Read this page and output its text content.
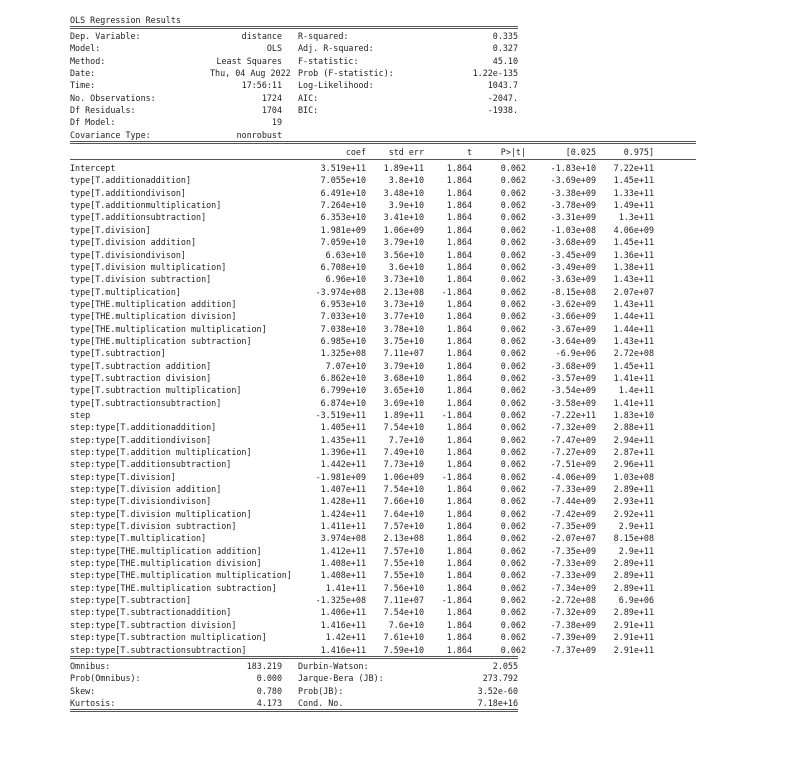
OLS Regression Results
Dep. Variable:	distance R-squared:	0.335
Model:	OLS Adj. R-squared:	0.327
Method:	Least Squares F-statistic:	45.10
Date:	Thu, 04 Aug 2022 Prob (F-statistic):	1.22e-135
Time:	17:56:11 Log-Likelihood:	1043.7
No. Observations:	1724 AIC:	-2047.
Df Residuals:	1704 BIC:	-1938.
Df Model:	19
Covariance Type:	nonrobust
coef	std err	t	P>|t|	[0.025	0.975]
Intercept	3.519e+11	1.89e+11	1.864	0.062	-1.83e+10	7.22e+11
type[T.additionaddition]	7.055e+10	3.8e+10	1.864	0.062	-3.69e+09	1.45e+11
type[T.additiondivison]	6.491e+10	3.48e+10	1.864	0.062	-3.38e+09	1.33e+11
type[T.additionmultiplication]	7.264e+10	3.9e+10	1.864	0.062	-3.78e+09	1.49e+11
type[T.additionsubtraction]	6.353e+10	3.41e+10	1.864	0.062	-3.31e+09	1.3e+11
type[T.division]	1.981e+09	1.06e+09	1.864	0.062	-1.03e+08	4.06e+09
type[T.division addition]	7.059e+10	3.79e+10	1.864	0.062	-3.68e+09	1.45e+11
type[T.divisiondivison]	6.63e+10	3.56e+10	1.864	0.062	-3.45e+09	1.36e+11
type[T.division multiplication]	6.708e+10	3.6e+10	1.864	0.062	-3.49e+09	1.38e+11
type[T.division subtraction]	6.96e+10	3.73e+10	1.864	0.062	-3.63e+09	1.43e+11
type[T.multiplication]	-3.974e+08	2.13e+08	-1.864	0.062	-8.15e+08	2.07e+07
type[THE.multiplication addition]	6.953e+10	3.73e+10	1.864	0.062	-3.62e+09	1.43e+11
type[THE.multiplication division]	7.033e+10	3.77e+10	1.864	0.062	-3.66e+09	1.44e+11
type[THE.multiplication multiplication]	7.038e+10	3.78e+10	1.864	0.062	-3.67e+09	1.44e+11
type[THE.multiplication subtraction]	6.985e+10	3.75e+10	1.864	0.062	-3.64e+09	1.43e+11
type[T.subtraction]	1.325e+08	7.11e+07	1.864	0.062	-6.9e+06	2.72e+08
type[T.subtraction addition]	7.07e+10	3.79e+10	1.864	0.062	-3.68e+09	1.45e+11
type[T.subtraction division]	6.862e+10	3.68e+10	1.864	0.062	-3.57e+09	1.41e+11
type[T.subtraction multiplication]	6.799e+10	3.65e+10	1.864	0.062	-3.54e+09	1.4e+11
type[T.subtractionsubtraction]	6.874e+10	3.69e+10	1.864	0.062	-3.58e+09	1.41e+11
step	-3.519e+11	1.89e+11	-1.864	0.062	-7.22e+11	1.83e+10
step:type[T.additionaddition]	1.405e+11	7.54e+10	1.864	0.062	-7.32e+09	2.88e+11
step:type[T.additiondivison]	1.435e+11	7.7e+10	1.864	0.062	-7.47e+09	2.94e+11
step:type[T.addition multiplication]	1.396e+11	7.49e+10	1.864	0.062	-7.27e+09	2.87e+11
step:type[T.additionsubtraction]	1.442e+11	7.73e+10	1.864	0.062	-7.51e+09	2.96e+11
step:type[T.division]	-1.981e+09	1.06e+09	-1.864	0.062	-4.06e+09	1.03e+08
step:type[T.division addition]	1.407e+11	7.54e+10	1.864	0.062	-7.33e+09	2.89e+11
step:type[T.divisiondivison]	1.428e+11	7.66e+10	1.864	0.062	-7.44e+09	2.93e+11
step:type[T.division multiplication]	1.424e+11	7.64e+10	1.864	0.062	-7.42e+09	2.92e+11
step:type[T.division subtraction]	1.411e+11	7.57e+10	1.864	0.062	-7.35e+09	2.9e+11
step:type[T.multiplication]	3.974e+08	2.13e+08	1.864	0.062	-2.07e+07	8.15e+08
step:type[THE.multiplication addition]	1.412e+11	7.57e+10	1.864	0.062	-7.35e+09	2.9e+11
step:type[THE.multiplication division]	1.408e+11	7.55e+10	1.864	0.062	-7.33e+09	2.89e+11
step:type[THE.multiplication multiplication]	1.408e+11	7.55e+10	1.864	0.062	-7.33e+09	2.89e+11
step:type[THE.multiplication subtraction]	1.41e+11	7.56e+10	1.864	0.062	-7.34e+09	2.89e+11
step:type[T.subtraction]	-1.325e+08	7.11e+07	-1.864	0.062	-2.72e+08	6.9e+06
step:type[T.subtractionaddition]	1.406e+11	7.54e+10	1.864	0.062	-7.32e+09	2.89e+11
step:type[T.subtraction division]	1.416e+11	7.6e+10	1.864	0.062	-7.38e+09	2.91e+11
step:type[T.subtraction multiplication]	1.42e+11	7.61e+10	1.864	0.062	-7.39e+09	2.91e+11
step:type[T.subtractionsubtraction]	1.416e+11	7.59e+10	1.864	0.062	-7.37e+09	2.91e+11
Omnibus:	183.219 Durbin-Watson:	2.055
Prob(Omnibus):	0.000 Jarque-Bera (JB):	273.792
Skew:	0.780 Prob(JB):	3.52e-60
Kurtosis:	4.173 Cond. No.	7.18e+16
